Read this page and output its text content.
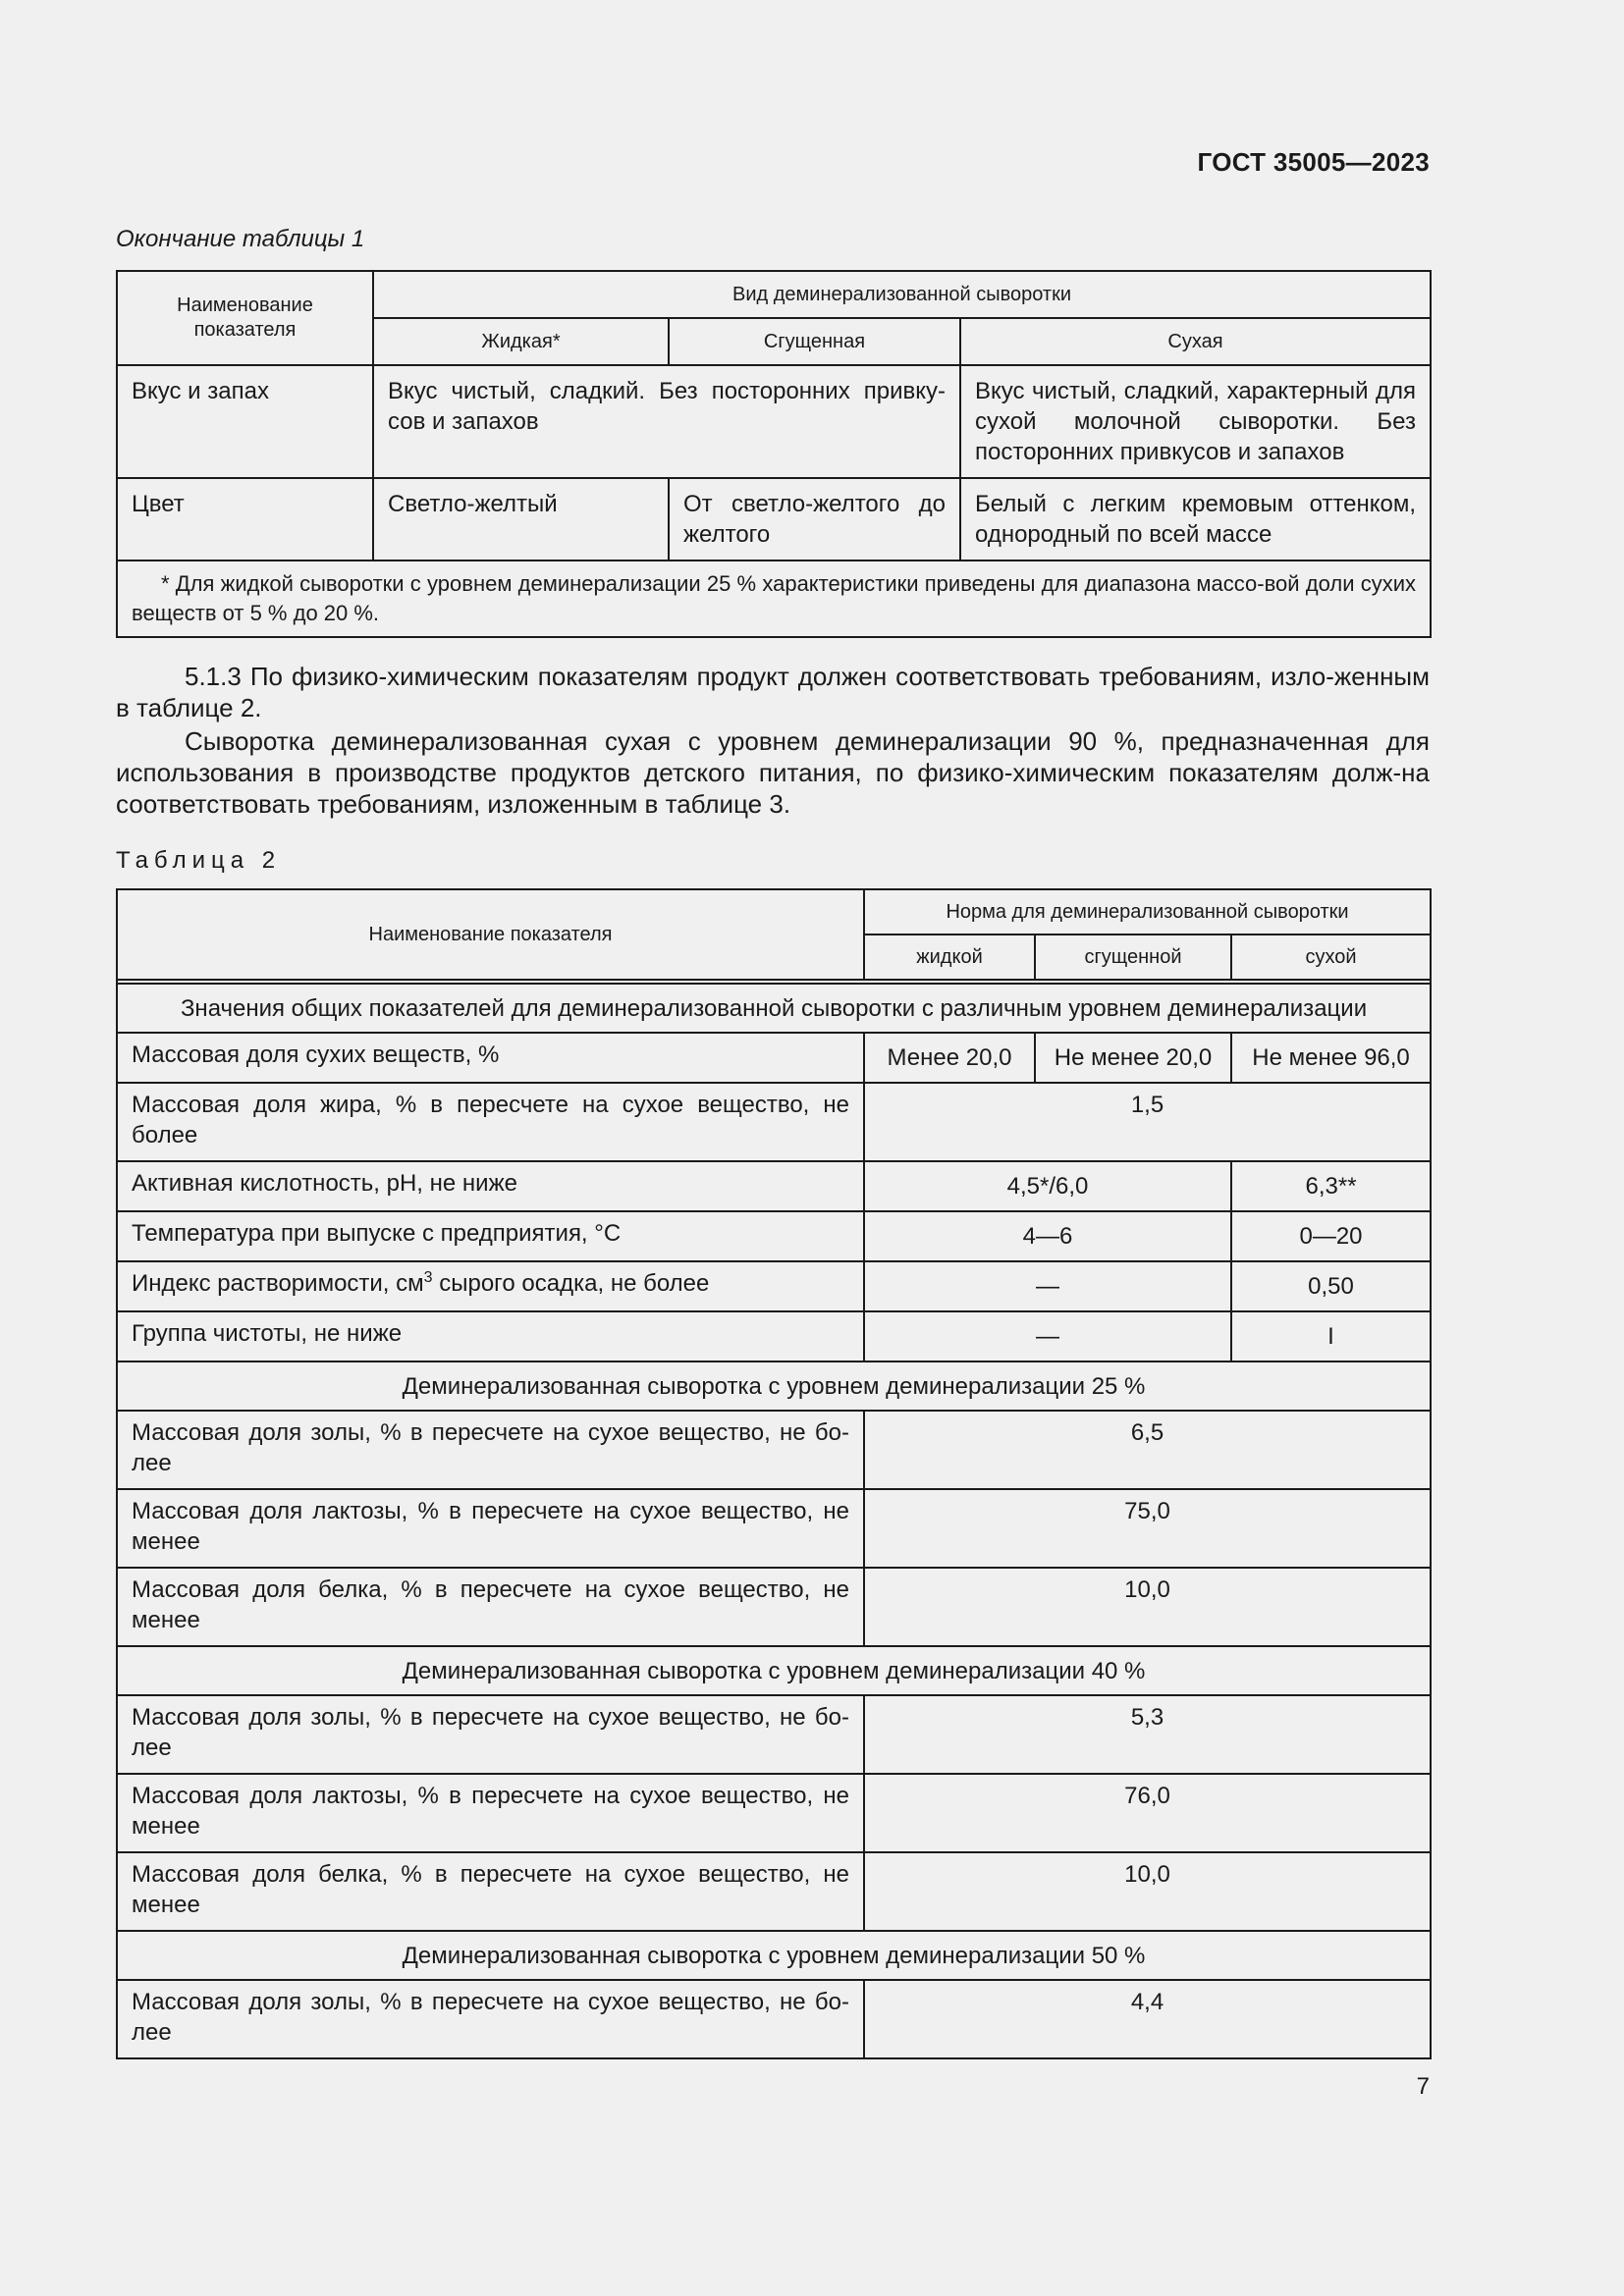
ГОСТ 35005—2023
Окончание таблицы 1
Наименование показателя	Вид деминерализованной сыворотки		
	Жидкая*	Сгущенная	Сухая
Вкус и запах	Вкус чистый, сладкий. Без посторонних привку-сов и запахов		Вкус чистый, сладкий, характерный для сухой молочной сыворотки. Без посторонних привкусов и запахов
Цвет	Светло-желтый	От светло-желтого до желтого	Белый с легким кремовым оттенком, однородный по всей массе
* Для жидкой сыворотки с уровнем деминерализации 25 % характеристики приведены для диапазона массо-вой доли сухих веществ от 5 % до 20 %.			

5.1.3 По физико-химическим показателям продукт должен соответствовать требованиям, изло-женным в таблице 2.

Сыворотка деминерализованная сухая с уровнем деминерализации 90 %, предназначенная для использования в производстве продуктов детского питания, по физико-химическим показателям долж-на соответствовать требованиям, изложенным в таблице 3.

Таблица 2
Наименование показателя	Норма для деминерализованной сыворотки		
	жидкой	сгущенной	сухой

Значения общих показателей для деминерализованной сыворотки с различным уровнем деминерализации			
Массовая доля сухих веществ, %	Менее 20,0	Не менее 20,0	Не менее 96,0
Массовая доля жира, % в пересчете на сухое вещество, не более	1,5		
Активная кислотность, pH, не ниже	4,5*/6,0		6,3**
Температура при выпуске с предприятия, °С	4—6		0—20
Индекс растворимости, $см^3$ сырого осадка, не более	—		0,50
Группа чистоты, не ниже	—		I
Деминерализованная сыворотка с уровнем деминерализации 25 %			
Массовая доля золы, % в пересчете на сухое вещество, не бо-лее	6,5		
Массовая доля лактозы, % в пересчете на сухое вещество, не менее	75,0		
Массовая доля белка, % в пересчете на сухое вещество, не менее	10,0		
Деминерализованная сыворотка с уровнем деминерализации 40 %			
Массовая доля золы, % в пересчете на сухое вещество, не бо-лее	5,3		
Массовая доля лактозы, % в пересчете на сухое вещество, не менее	76,0		
Массовая доля белка, % в пересчете на сухое вещество, не менее	10,0		
Деминерализованная сыворотка с уровнем деминерализации 50 %			
Массовая доля золы, % в пересчете на сухое вещество, не бо-лее	4,4		
7
